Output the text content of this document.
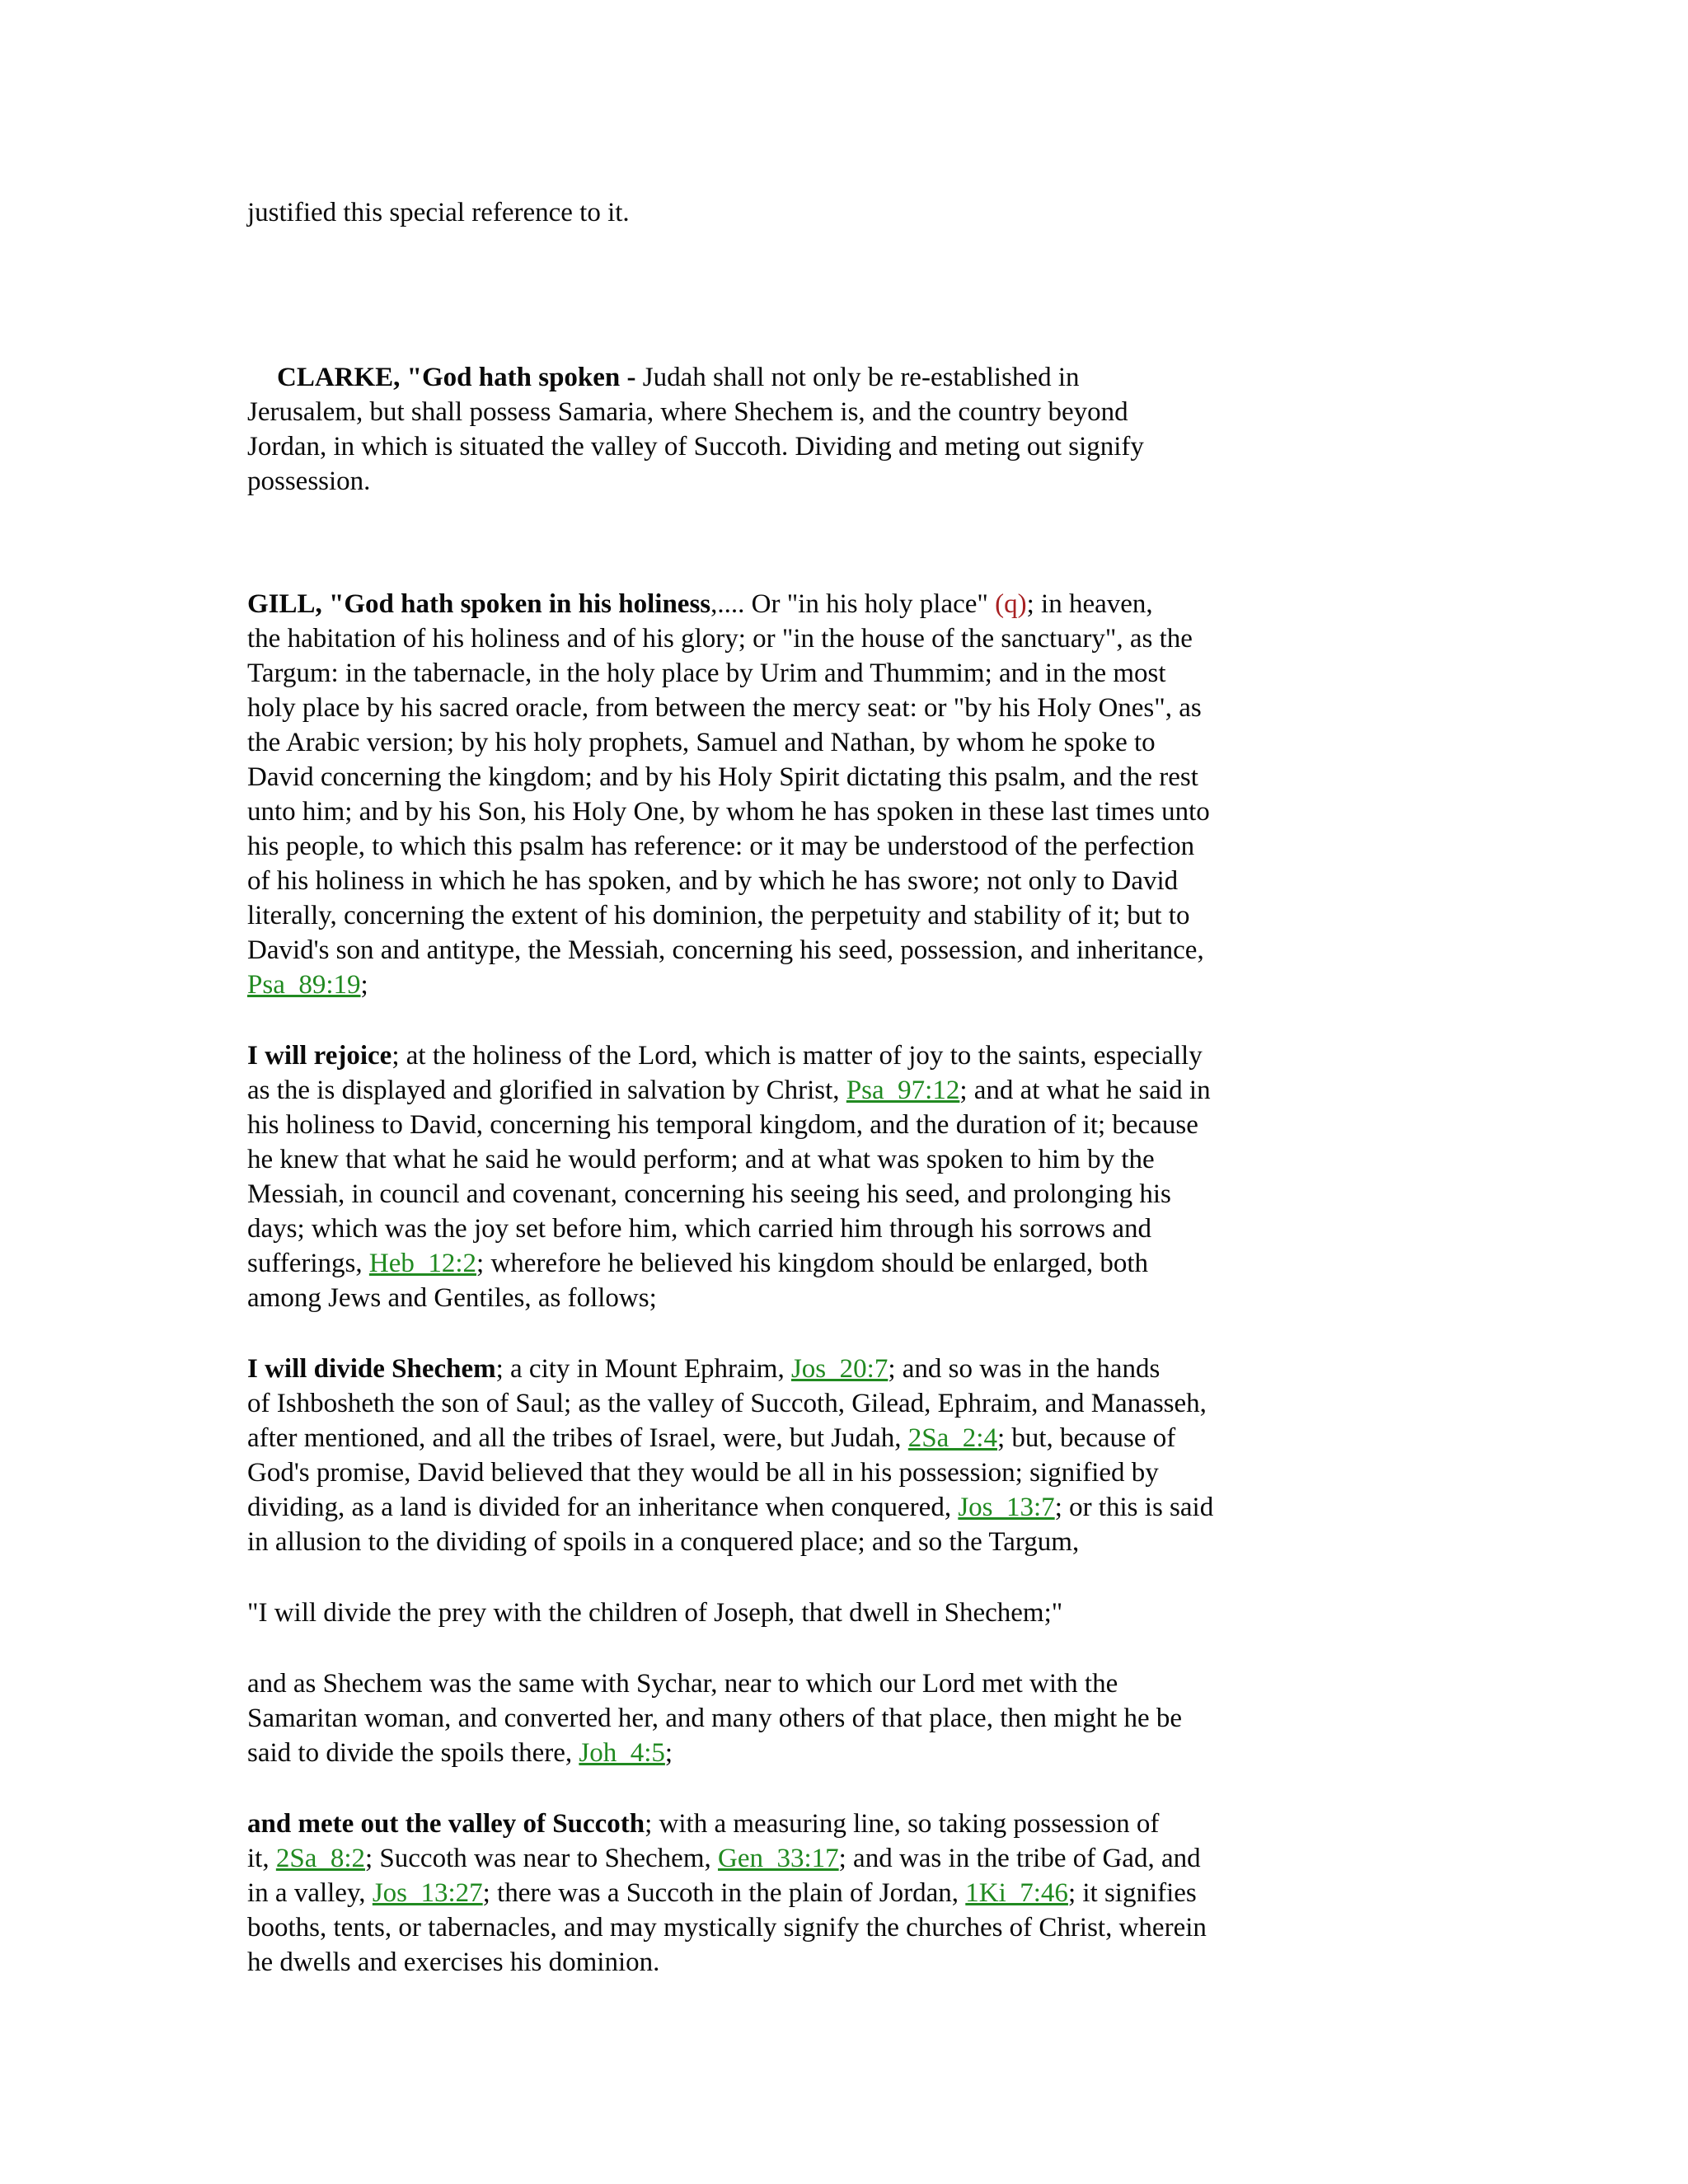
justified this special reference to it.

CLARKE, "God hath spoken - Judah shall not only be re-established in
Jerusalem, but shall possess Samaria, where Shechem is, and the country beyond
Jordan, in which is situated the valley of Succoth. Dividing and meting out signify
possession.

GILL, "God hath spoken in his holiness,.... Or "in his holy place" (q); in heaven,
the habitation of his holiness and of his glory; or "in the house of the sanctuary", as the
Targum: in the tabernacle, in the holy place by Urim and Thummim; and in the most
holy place by his sacred oracle, from between the mercy seat: or "by his Holy Ones", as
the Arabic version; by his holy prophets, Samuel and Nathan, by whom he spoke to
David concerning the kingdom; and by his Holy Spirit dictating this psalm, and the rest
unto him; and by his Son, his Holy One, by whom he has spoken in these last times unto
his people, to which this psalm has reference: or it may be understood of the perfection
of his holiness in which he has spoken, and by which he has swore; not only to David
literally, concerning the extent of his dominion, the perpetuity and stability of it; but to
David's son and antitype, the Messiah, concerning his seed, possession, and inheritance,
Psa_89:19;

I will rejoice; at the holiness of the Lord, which is matter of joy to the saints, especially
as the is displayed and glorified in salvation by Christ, Psa_97:12; and at what he said in
his holiness to David, concerning his temporal kingdom, and the duration of it; because
he knew that what he said he would perform; and at what was spoken to him by the
Messiah, in council and covenant, concerning his seeing his seed, and prolonging his
days; which was the joy set before him, which carried him through his sorrows and
sufferings, Heb_12:2; wherefore he believed his kingdom should be enlarged, both
among Jews and Gentiles, as follows;

I will divide Shechem; a city in Mount Ephraim, Jos_20:7; and so was in the hands
of Ishbosheth the son of Saul; as the valley of Succoth, Gilead, Ephraim, and Manasseh,
after mentioned, and all the tribes of Israel, were, but Judah, 2Sa_2:4; but, because of
God's promise, David believed that they would be all in his possession; signified by
dividing, as a land is divided for an inheritance when conquered, Jos_13:7; or this is said
in allusion to the dividing of spoils in a conquered place; and so the Targum,

"I will divide the prey with the children of Joseph, that dwell in Shechem;"

and as Shechem was the same with Sychar, near to which our Lord met with the
Samaritan woman, and converted her, and many others of that place, then might he be
said to divide the spoils there, Joh_4:5;

and mete out the valley of Succoth; with a measuring line, so taking possession of
it, 2Sa_8:2; Succoth was near to Shechem, Gen_33:17; and was in the tribe of Gad, and
in a valley, Jos_13:27; there was a Succoth in the plain of Jordan, 1Ki_7:46; it signifies
booths, tents, or tabernacles, and may mystically signify the churches of Christ, wherein
he dwells and exercises his dominion.
